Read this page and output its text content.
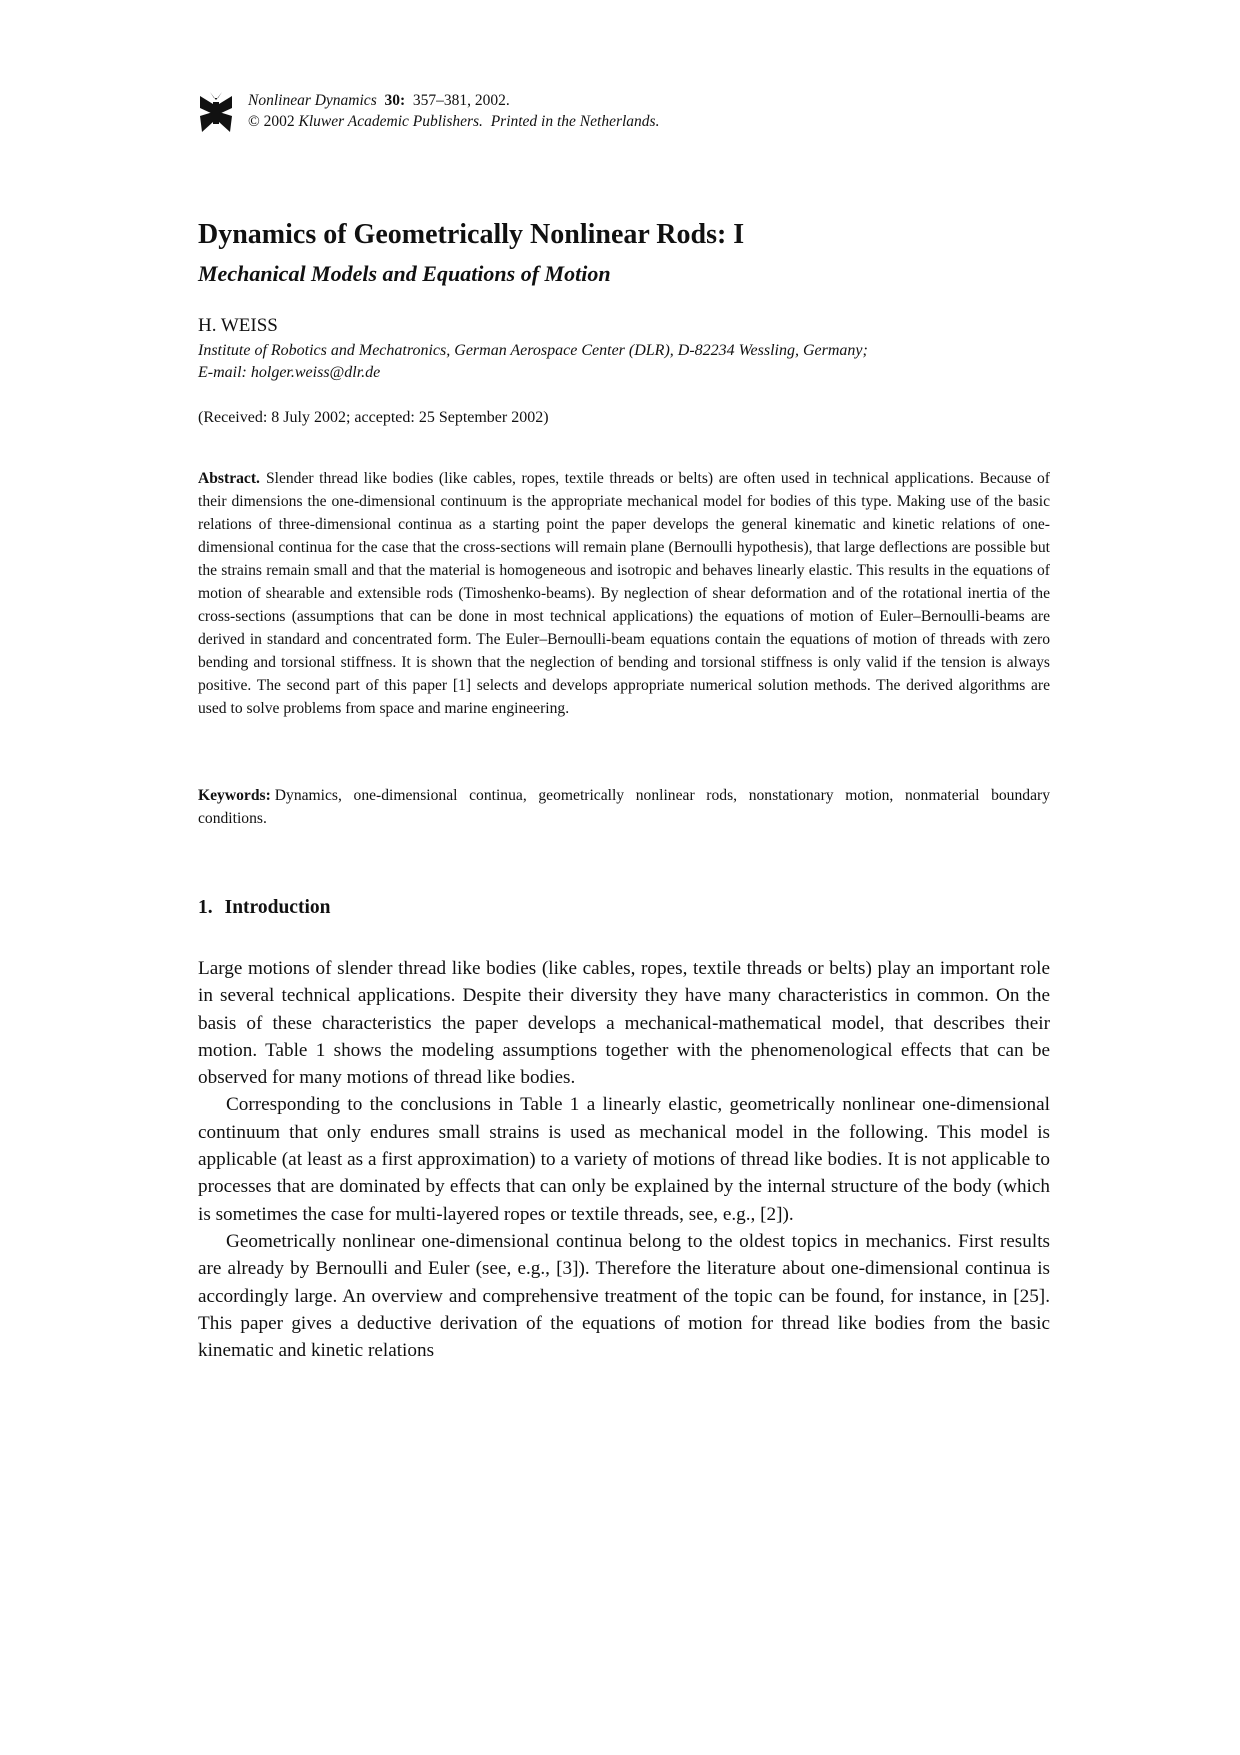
Nonlinear Dynamics 30: 357–381, 2002.
© 2002 Kluwer Academic Publishers. Printed in the Netherlands.
Dynamics of Geometrically Nonlinear Rods: I
Mechanical Models and Equations of Motion
H. WEISS
Institute of Robotics and Mechatronics, German Aerospace Center (DLR), D-82234 Wessling, Germany;
E-mail: holger.weiss@dlr.de
(Received: 8 July 2002; accepted: 25 September 2002)

Abstract. Slender thread like bodies (like cables, ropes, textile threads or belts) are often used in technical applications. Because of their dimensions the one-dimensional continuum is the appropriate mechanical model for bodies of this type. Making use of the basic relations of three-dimensional continua as a starting point the paper develops the general kinematic and kinetic relations of one-dimensional continua for the case that the cross-sections will remain plane (Bernoulli hypothesis), that large deflections are possible but the strains remain small and that the material is homogeneous and isotropic and behaves linearly elastic. This results in the equations of motion of shearable and extensible rods (Timoshenko-beams). By neglection of shear deformation and of the rotational inertia of the cross-sections (assumptions that can be done in most technical applications) the equations of motion of Euler–Bernoulli-beams are derived in standard and concentrated form. The Euler–Bernoulli-beam equations contain the equations of motion of threads with zero bending and torsional stiffness. It is shown that the neglection of bending and torsional stiffness is only valid if the tension is always positive. The second part of this paper [1] selects and develops appropriate numerical solution methods. The derived algorithms are used to solve problems from space and marine engineering.

Keywords: Dynamics, one-dimensional continua, geometrically nonlinear rods, nonstationary motion, nonmaterial boundary conditions.

1. Introduction

Large motions of slender thread like bodies (like cables, ropes, textile threads or belts) play an important role in several technical applications. Despite their diversity they have many characteristics in common. On the basis of these characteristics the paper develops a mechanical-mathematical model, that describes their motion. Table 1 shows the modeling assumptions together with the phenomenological effects that can be observed for many motions of thread like bodies.

Corresponding to the conclusions in Table 1 a linearly elastic, geometrically nonlinear one-dimensional continuum that only endures small strains is used as mechanical model in the following. This model is applicable (at least as a first approximation) to a variety of motions of thread like bodies. It is not applicable to processes that are dominated by effects that can only be explained by the internal structure of the body (which is sometimes the case for multi-layered ropes or textile threads, see, e.g., [2]).

Geometrically nonlinear one-dimensional continua belong to the oldest topics in mechanics. First results are already by Bernoulli and Euler (see, e.g., [3]). Therefore the literature about one-dimensional continua is accordingly large. An overview and comprehensive treatment of the topic can be found, for instance, in [25]. This paper gives a deductive derivation of the equations of motion for thread like bodies from the basic kinematic and kinetic relations
